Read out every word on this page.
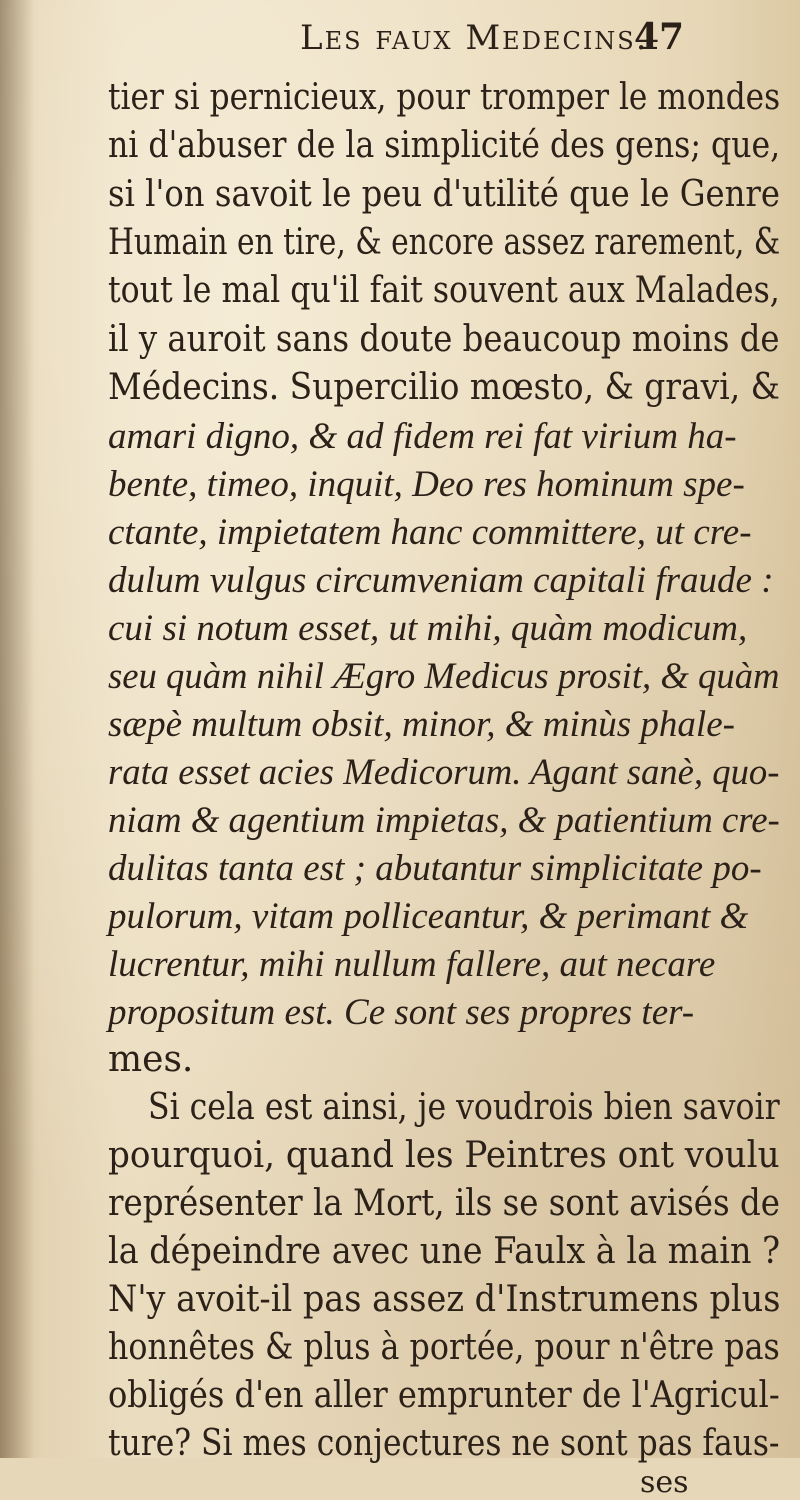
Les faux Medecins.
47
tier si pernicieux, pour tromper le mondes
ni d'abuser de la simplicité des gens; que,
si l'on savoit le peu d'utilité que le Genre
Humain en tire, & encore assez rarement, &
tout le mal qu'il fait souvent aux Malades,
il y auroit sans doute beaucoup moins de
Médecins. Supercilio mœsto, & gravi, &
amari digno, & ad fidem rei fat virium ha-
bente, timeo, inquit, Deo res hominum spe-
ctante, impietatem hanc committere, ut cre-
dulum vulgus circumveniam capitali fraude :
cui si notum esset, ut mihi, quàm modicum,
seu quàm nihil Ægro Medicus prosit, & quàm
sæpè multum obsit, minor, & minùs phale-
rata esset acies Medicorum. Agant sanè, quo-
niam & agentium impietas, & patientium cre-
dulitas tanta est ; abutantur simplicitate po-
pulorum, vitam polliceantur, & perimant &
lucrentur, mihi nullum fallere, aut necare
propositum est. Ce sont ses propres ter-
mes.
Si cela est ainsi, je voudrois bien savoir
pourquoi, quand les Peintres ont voulu
représenter la Mort, ils se sont avisés de
la dépeindre avec une Faulx à la main ?
N'y avoit-il pas assez d'Instrumens plus
honnêtes & plus à portée, pour n'être pas
obligés d'en aller emprunter de l'Agricul-
ture? Si mes conjectures ne sont pas faus-
ses
